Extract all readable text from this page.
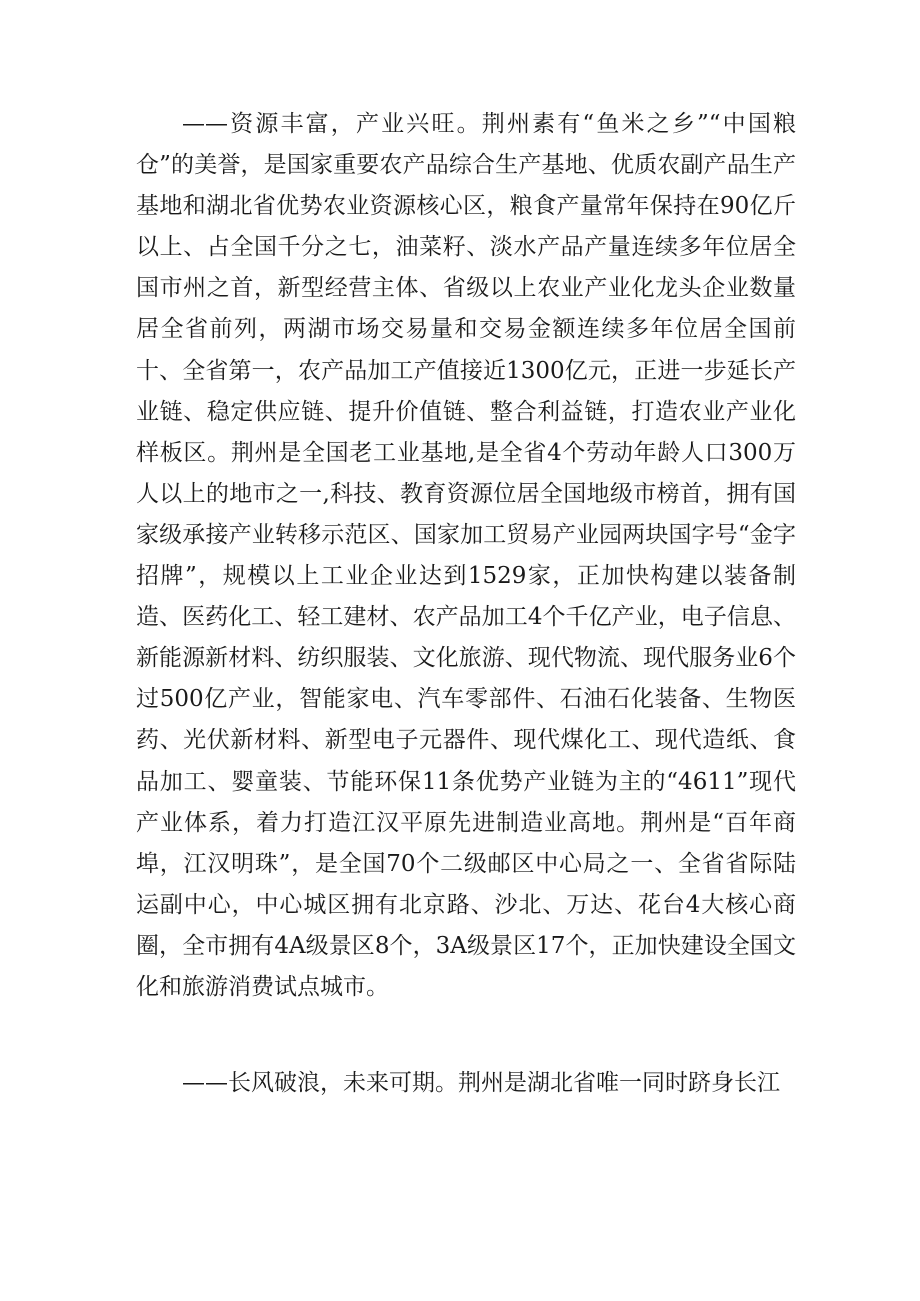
——资源丰富，产业兴旺。荆州素有“鱼米之乡”“中国粮仓”的美誉，是国家重要农产品综合生产基地、优质农副产品生产基地和湖北省优势农业资源核心区，粮食产量常年保持在90亿斤以上、占全国千分之七，油菜籽、淡水产品产量连续多年位居全国市州之首，新型经营主体、省级以上农业产业化龙头企业数量居全省前列，两湖市场交易量和交易金额连续多年位居全国前十、全省第一，农产品加工产值接近1300亿元，正进一步延长产业链、稳定供应链、提升价值链、整合利益链，打造农业产业化样板区。荆州是全国老工业基地,是全省4个劳动年龄人口300万人以上的地市之一,科技、教育资源位居全国地级市榜首，拥有国家级承接产业转移示范区、国家加工贸易产业园两块国字号“金字招牌”，规模以上工业企业达到1529家，正加快构建以装备制造、医药化工、轻工建材、农产品加工4个千亿产业，电子信息、新能源新材料、纺织服装、文化旅游、现代物流、现代服务业6个过500亿产业，智能家电、汽车零部件、石油石化装备、生物医药、光伏新材料、新型电子元器件、现代煤化工、现代造纸、食品加工、婴童装、节能环保11条优势产业链为主的“4611”现代产业体系，着力打造江汉平原先进制造业高地。荆州是“百年商埠，江汉明珠”，是全国70个二级邮区中心局之一、全省省际陆运副中心，中心城区拥有北京路、沙北、万达、花台4大核心商圈，全市拥有4A级景区8个，3A级景区17个，正加快建设全国文化和旅游消费试点城市。

——长风破浪，未来可期。荆州是湖北省唯一同时跻身长江
